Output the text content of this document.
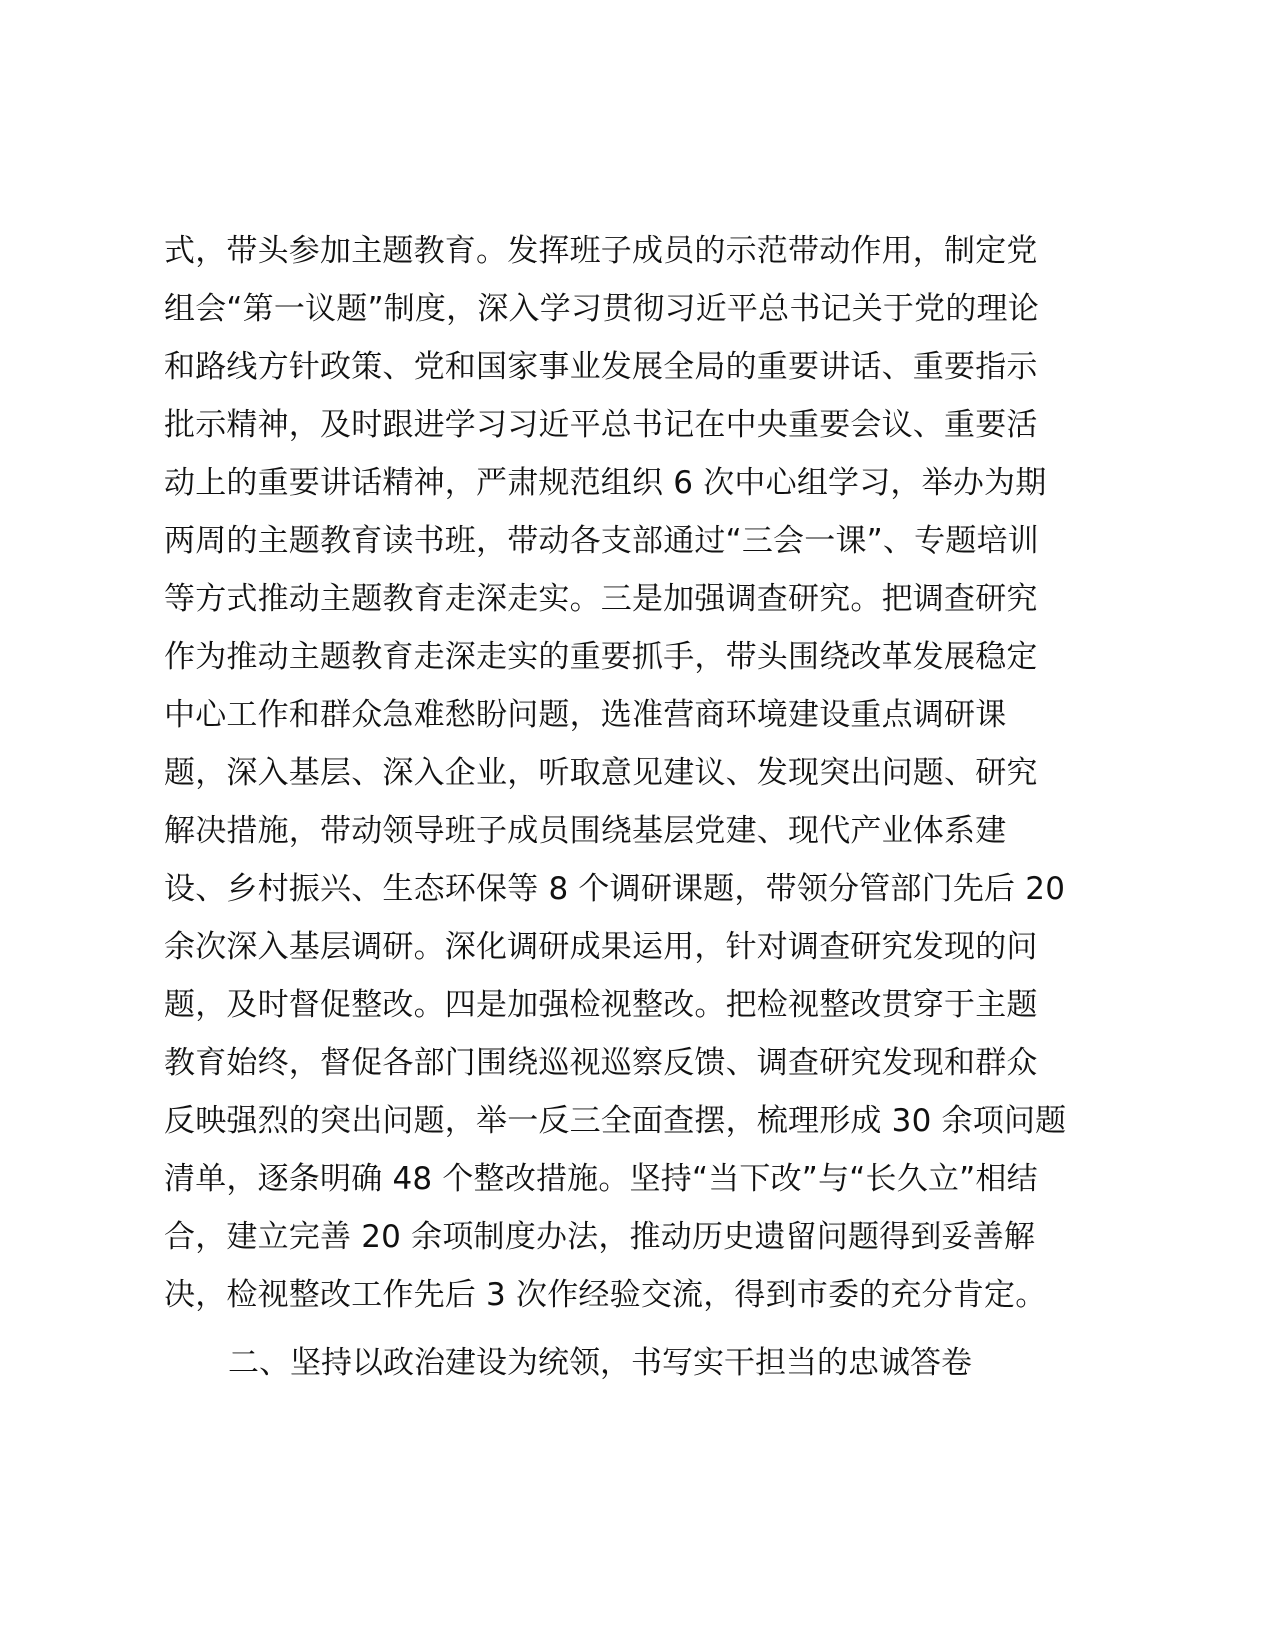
式，带头参加主题教育。发挥班子成员的示范带动作用，制定党
组会“第一议题”制度，深入学习贯彻习近平总书记关于党的理论
和路线方针政策、党和国家事业发展全局的重要讲话、重要指示
批示精神，及时跟进学习习近平总书记在中央重要会议、重要活
动上的重要讲话精神，严肃规范组织 6 次中心组学习，举办为期
两周的主题教育读书班，带动各支部通过“三会一课”、专题培训
等方式推动主题教育走深走实。三是加强调查研究。把调查研究
作为推动主题教育走深走实的重要抓手，带头围绕改革发展稳定
中心工作和群众急难愁盼问题，选准营商环境建设重点调研课
题，深入基层、深入企业，听取意见建议、发现突出问题、研究
解决措施，带动领导班子成员围绕基层党建、现代产业体系建
设、乡村振兴、生态环保等 8 个调研课题，带领分管部门先后 20
余次深入基层调研。深化调研成果运用，针对调查研究发现的问
题，及时督促整改。四是加强检视整改。把检视整改贯穿于主题
教育始终，督促各部门围绕巡视巡察反馈、调查研究发现和群众
反映强烈的突出问题，举一反三全面查摆，梳理形成 30 余项问题
清单，逐条明确 48 个整改措施。坚持“当下改”与“长久立”相结
合，建立完善 20 余项制度办法，推动历史遗留问题得到妥善解
决，检视整改工作先后 3 次作经验交流，得到市委的充分肯定。
二、坚持以政治建设为统领，书写实干担当的忠诚答卷
